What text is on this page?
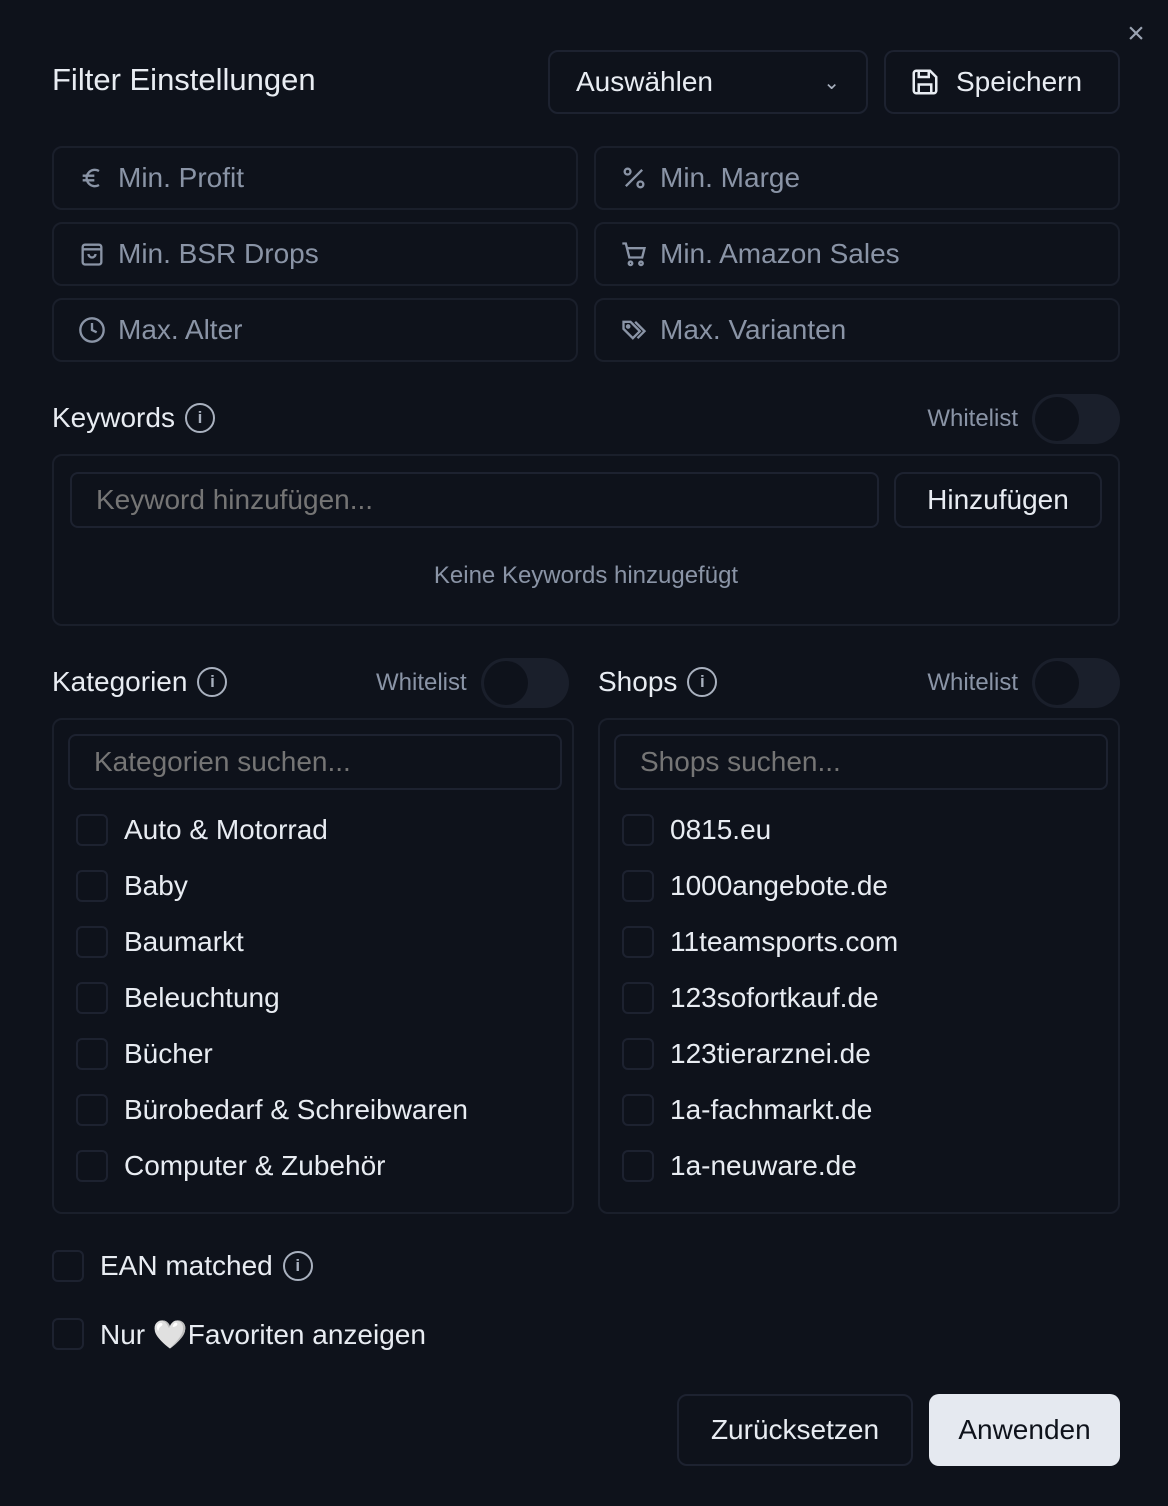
×
Filter Einstellungen	Auswählen	⌄	Speichern
Min. Profit	Min. Marge
Min. BSR Drops	Min. Amazon Sales
Max. Alter	Max. Varianten
Keywords	i	Whitelist
Keyword hinzufügen...
Hinzufügen
Keine Keywords hinzugefügt
Kategorien	i	Whitelist
Kategorien suchen...
Auto & Motorrad
Baby
Baumarkt
Beleuchtung
Bücher
Bürobedarf & Schreibwaren
Computer & Zubehör
Shops	i	Whitelist
Shops suchen...
0815.eu
1000angebote.de
11teamsports.com
123sofortkauf.de
123tierarznei.de
1a-fachmarkt.de
1a-neuware.de
EAN matched	i
Nur 🤍Favoriten anzeigen
Zurücksetzen	Anwenden
